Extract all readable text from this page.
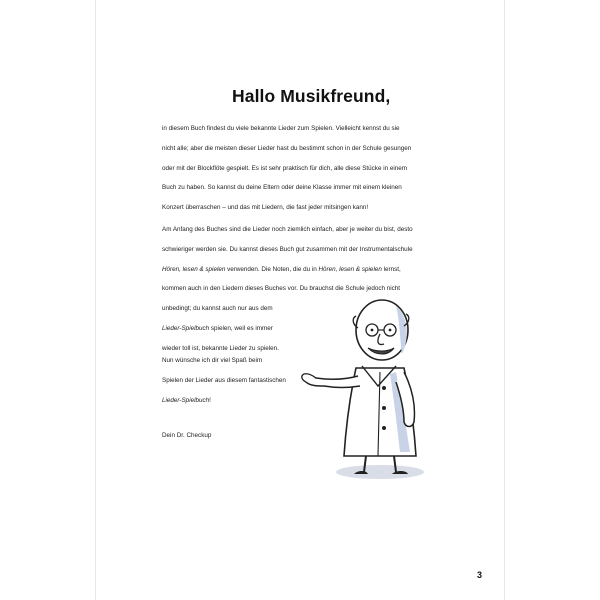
Hallo Musikfreund,
in diesem Buch findest du viele bekannte Lieder zum Spielen. Vielleicht kennst du sie
nicht alle; aber die meisten dieser Lieder hast du bestimmt schon in der Schule gesungen
oder mit der Blockflöte gespielt. Es ist sehr praktisch für dich, alle diese Stücke in einem
Buch zu haben. So kannst du deine Eltern oder deine Klasse immer mit einem kleinen
Konzert überraschen – und das mit Liedern, die fast jeder mitsingen kann!
Am Anfang des Buches sind die Lieder noch ziemlich einfach, aber je weiter du bist, desto
schwieriger werden sie. Du kannst dieses Buch gut zusammen mit der Instrumentalschule
Hören, lesen & spielen verwenden. Die Noten, die du in Hören, lesen & spielen lernst,
kommen auch in den Liedern dieses Buches vor. Du brauchst die Schule jedoch nicht
unbedingt; du kannst auch nur aus dem
Lieder-Spielbuch spielen, weil es immer
wieder toll ist, bekannte Lieder zu spielen.
Nun wünsche ich dir viel Spaß beim
Spielen der Lieder aus diesem fantastischen
Lieder-Spielbuch!
Dein Dr. Checkup
3
